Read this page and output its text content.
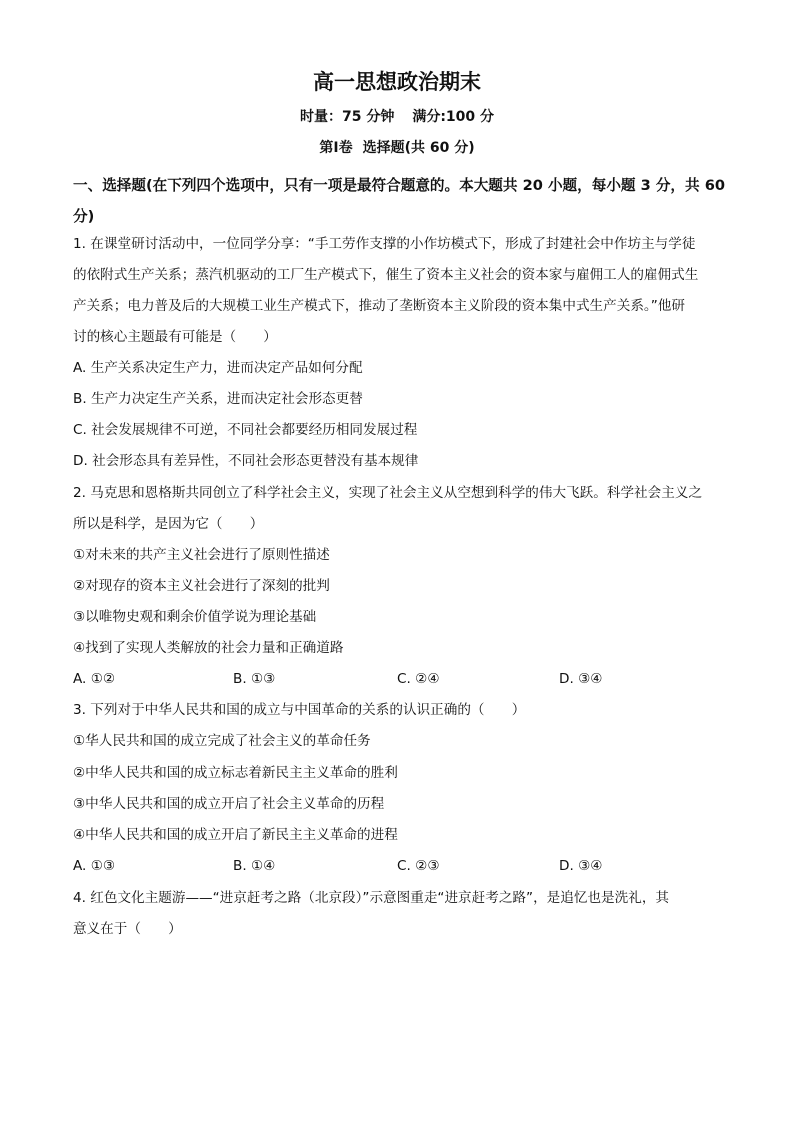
高一思想政治期末
时量：75 分钟 满分:100 分
第Ⅰ卷 选择题(共 60 分)
一、选择题(在下列四个选项中，只有一项是最符合题意的。本大题共 20 小题，每小题 3 分，共 60 分)
1. 在课堂研讨活动中，一位同学分享：“手工劳作支撑的小作坊模式下，形成了封建社会中作坊主与学徒
的依附式生产关系；蒸汽机驱动的工厂生产模式下，催生了资本主义社会的资本家与雇佣工人的雇佣式生
产关系；电力普及后的大规模工业生产模式下，推动了垄断资本主义阶段的资本集中式生产关系。”他研
讨的核心主题最有可能是（　　）
A. 生产关系决定生产力，进而决定产品如何分配
B. 生产力决定生产关系，进而决定社会形态更替
C. 社会发展规律不可逆，不同社会都要经历相同发展过程
D. 社会形态具有差异性，不同社会形态更替没有基本规律
2. 马克思和恩格斯共同创立了科学社会主义，实现了社会主义从空想到科学的伟大飞跃。科学社会主义之
所以是科学，是因为它（　　）
①对未来的共产主义社会进行了原则性描述
②对现存的资本主义社会进行了深刻的批判
③以唯物史观和剩余价值学说为理论基础
④找到了实现人类解放的社会力量和正确道路
A. ①②	B. ①③	C. ②④	D. ③④
3. 下列对于中华人民共和国的成立与中国革命的关系的认识正确的（　　）
①华人民共和国的成立完成了社会主义的革命任务
②中华人民共和国的成立标志着新民主主义革命的胜利
③中华人民共和国的成立开启了社会主义革命的历程
④中华人民共和国的成立开启了新民主主义革命的进程
A. ①③	B. ①④	C. ②③	D. ③④
4. 红色文化主题游——“进京赶考之路（北京段）”示意图重走“进京赶考之路”，是追忆也是洗礼，其
意义在于（　　）
